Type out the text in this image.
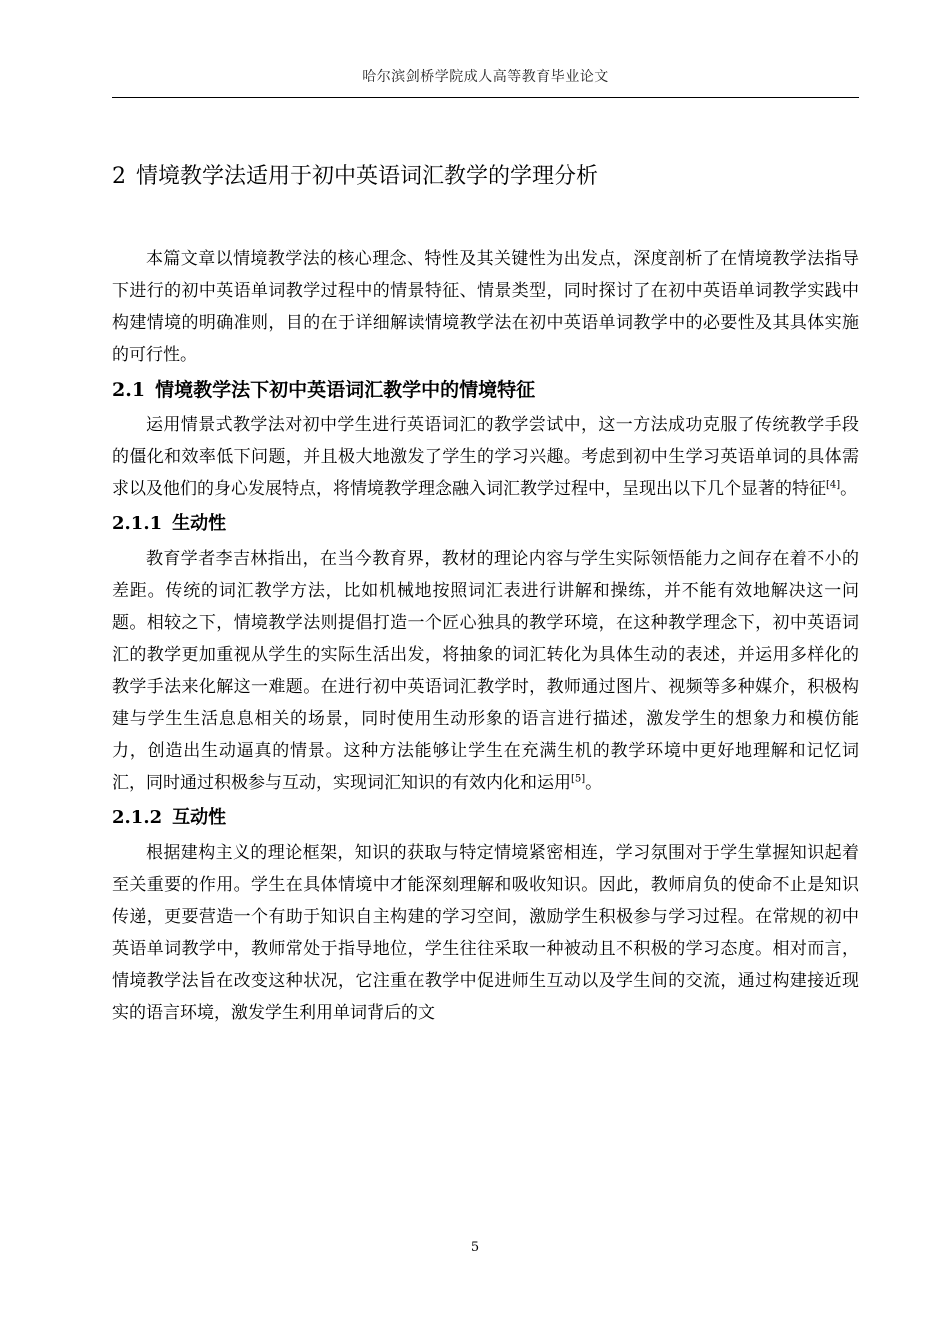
哈尔滨剑桥学院成人高等教育毕业论文
2 情境教学法适用于初中英语词汇教学的学理分析

本篇文章以情境教学法的核心理念、特性及其关键性为出发点，深度剖析了在情境教学法指导下进行的初中英语单词教学过程中的情景特征、情景类型，同时探讨了在初中英语单词教学实践中构建情境的明确准则，目的在于详细解读情境教学法在初中英语单词教学中的必要性及其具体实施的可行性。

2.1 情境教学法下初中英语词汇教学中的情境特征

运用情景式教学法对初中学生进行英语词汇的教学尝试中，这一方法成功克服了传统教学手段的僵化和效率低下问题，并且极大地激发了学生的学习兴趣。考虑到初中生学习英语单词的具体需求以及他们的身心发展特点，将情境教学理念融入词汇教学过程中，呈现出以下几个显著的特征[4]。

2.1.1 生动性

教育学者李吉林指出，在当今教育界，教材的理论内容与学生实际领悟能力之间存在着不小的差距。传统的词汇教学方法，比如机械地按照词汇表进行讲解和操练，并不能有效地解决这一问题。相较之下，情境教学法则提倡打造一个匠心独具的教学环境，在这种教学理念下，初中英语词汇的教学更加重视从学生的实际生活出发，将抽象的词汇转化为具体生动的表述，并运用多样化的教学手法来化解这一难题。在进行初中英语词汇教学时，教师通过图片、视频等多种媒介，积极构建与学生生活息息相关的场景，同时使用生动形象的语言进行描述，激发学生的想象力和模仿能力，创造出生动逼真的情景。这种方法能够让学生在充满生机的教学环境中更好地理解和记忆词汇，同时通过积极参与互动，实现词汇知识的有效内化和运用[5]。

2.1.2 互动性

根据建构主义的理论框架，知识的获取与特定情境紧密相连，学习氛围对于学生掌握知识起着至关重要的作用。学生在具体情境中才能深刻理解和吸收知识。因此，教师肩负的使命不止是知识传递，更要营造一个有助于知识自主构建的学习空间，激励学生积极参与学习过程。在常规的初中英语单词教学中，教师常处于指导地位，学生往往采取一种被动且不积极的学习态度。相对而言，情境教学法旨在改变这种状况，它注重在教学中促进师生互动以及学生间的交流，通过构建接近现实的语言环境，激发学生利用单词背后的文

5
